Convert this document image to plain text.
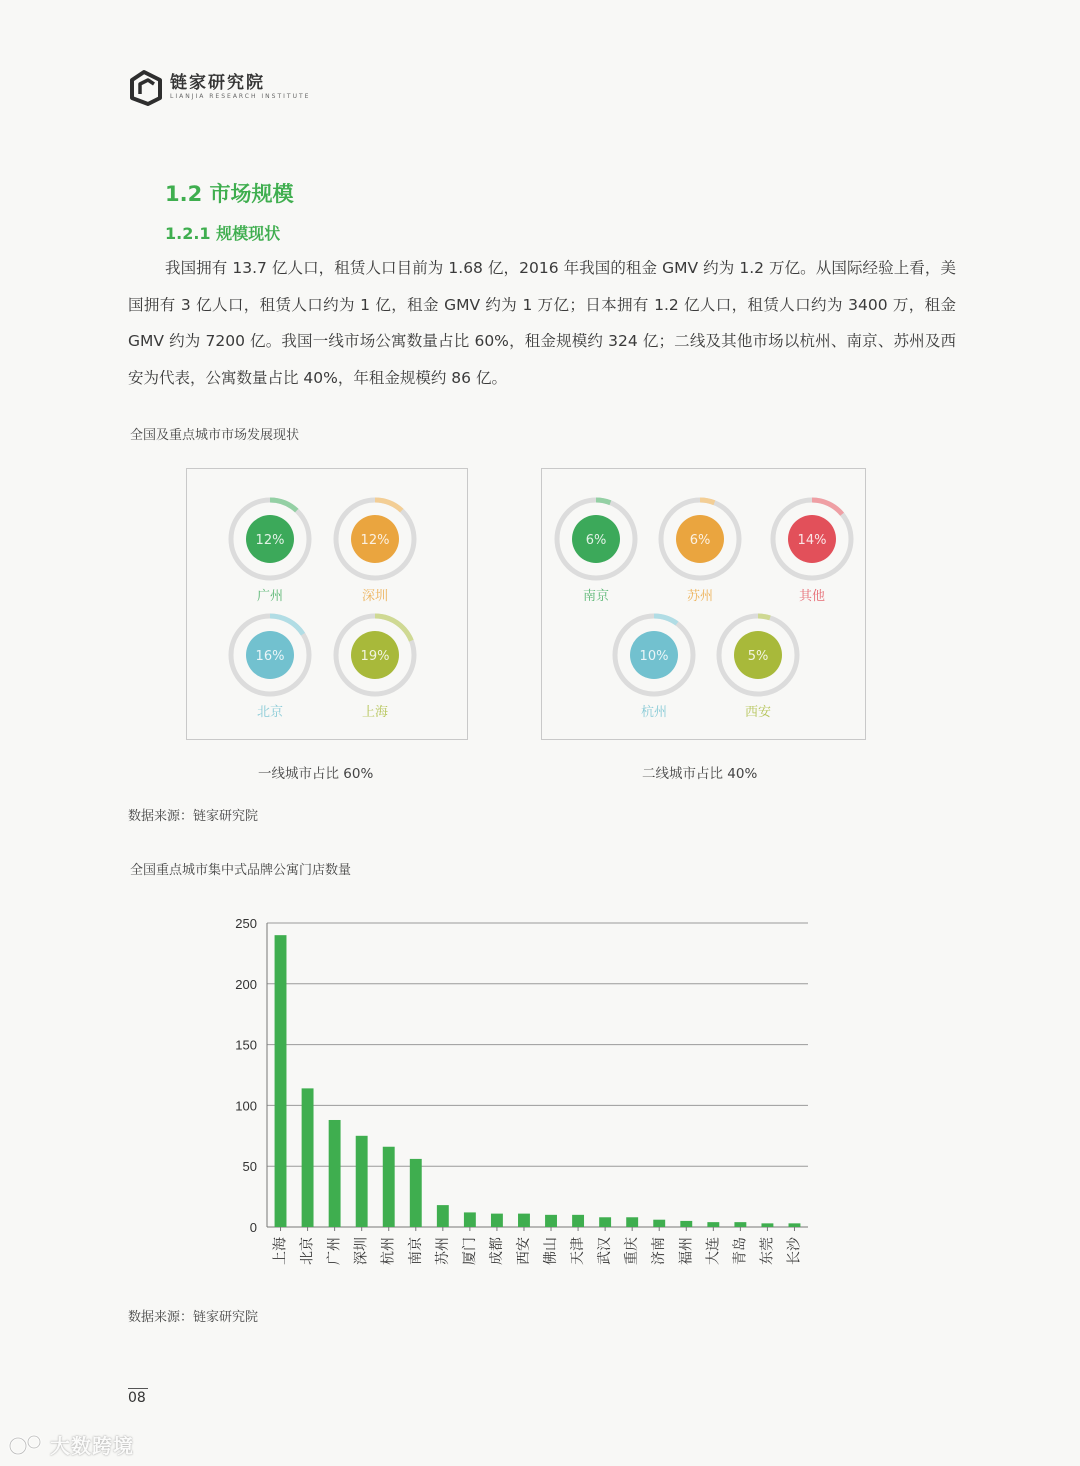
链家研究院
LIANJIA RESEARCH INSTITUTE
1.2 市场规模
1.2.1 规模现状

我国拥有 13.7 亿人口，租赁人口目前为 1.68 亿，2016 年我国的租金 GMV 约为 1.2 万亿。从国际经验上看，美国拥有 3 亿人口，租赁人口约为 1 亿，租金 GMV 约为 1 万亿；日本拥有 1.2 亿人口，租赁人口约为 3400 万，租金 GMV 约为 7200 亿。我国一线市场公寓数量占比 60%，租金规模约 324 亿；二线及其他市场以杭州、南京、苏州及西安为代表，公寓数量占比 40%，年租金规模约 86 亿。

全国及重点城市市场发展现状
12%
广州
12%
深圳
16%
北京
19%
上海
6%
南京
6%
苏州
14%
其他
10%
杭州
5%
西安
一线城市占比 60%	二线城市占比 40%
数据来源：链家研究院
全国重点城市集中式品牌公寓门店数量
0
50
100
150
200
250
上海 北京 广州 深圳 杭州 南京 苏州 厦门 成都 西安 佛山 天津 武汉 重庆 济南 福州 大连 青岛 东莞 长沙
数据来源：链家研究院
08
大数跨境
